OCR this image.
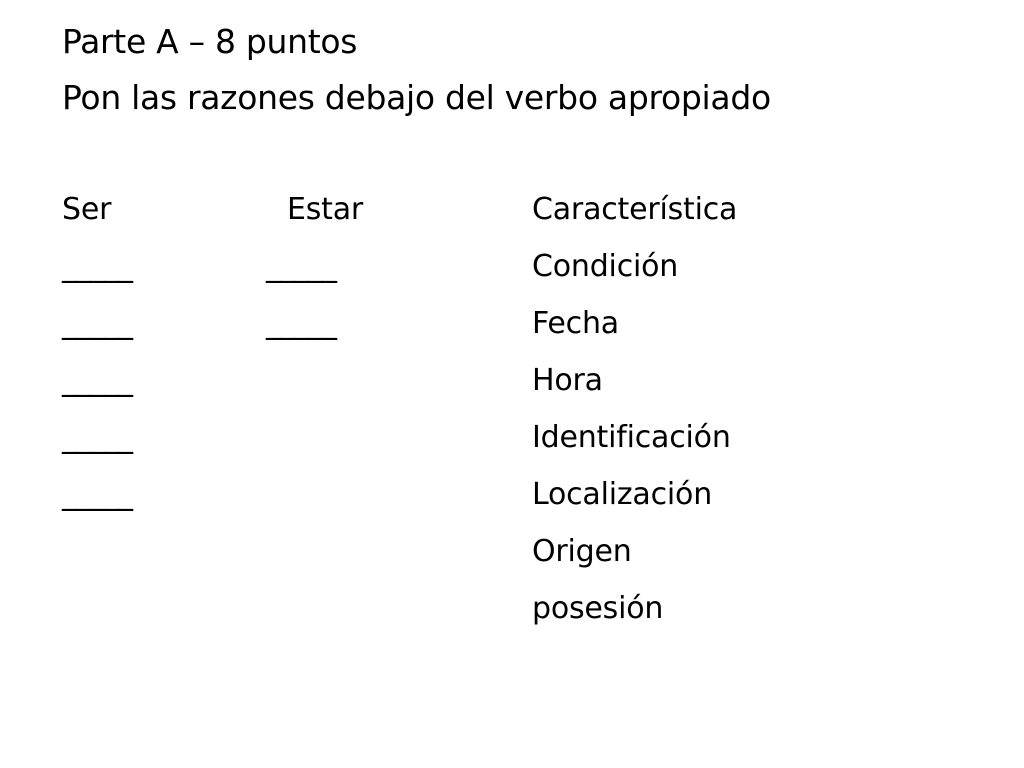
Parte A – 8 puntos
Pon las razones debajo del verbo apropiado
Ser	Estar
_____
_____
_____
_____
_____
_____
_____
Característica
Condición
Fecha
Hora
Identificación
Localización
Origen
posesión
